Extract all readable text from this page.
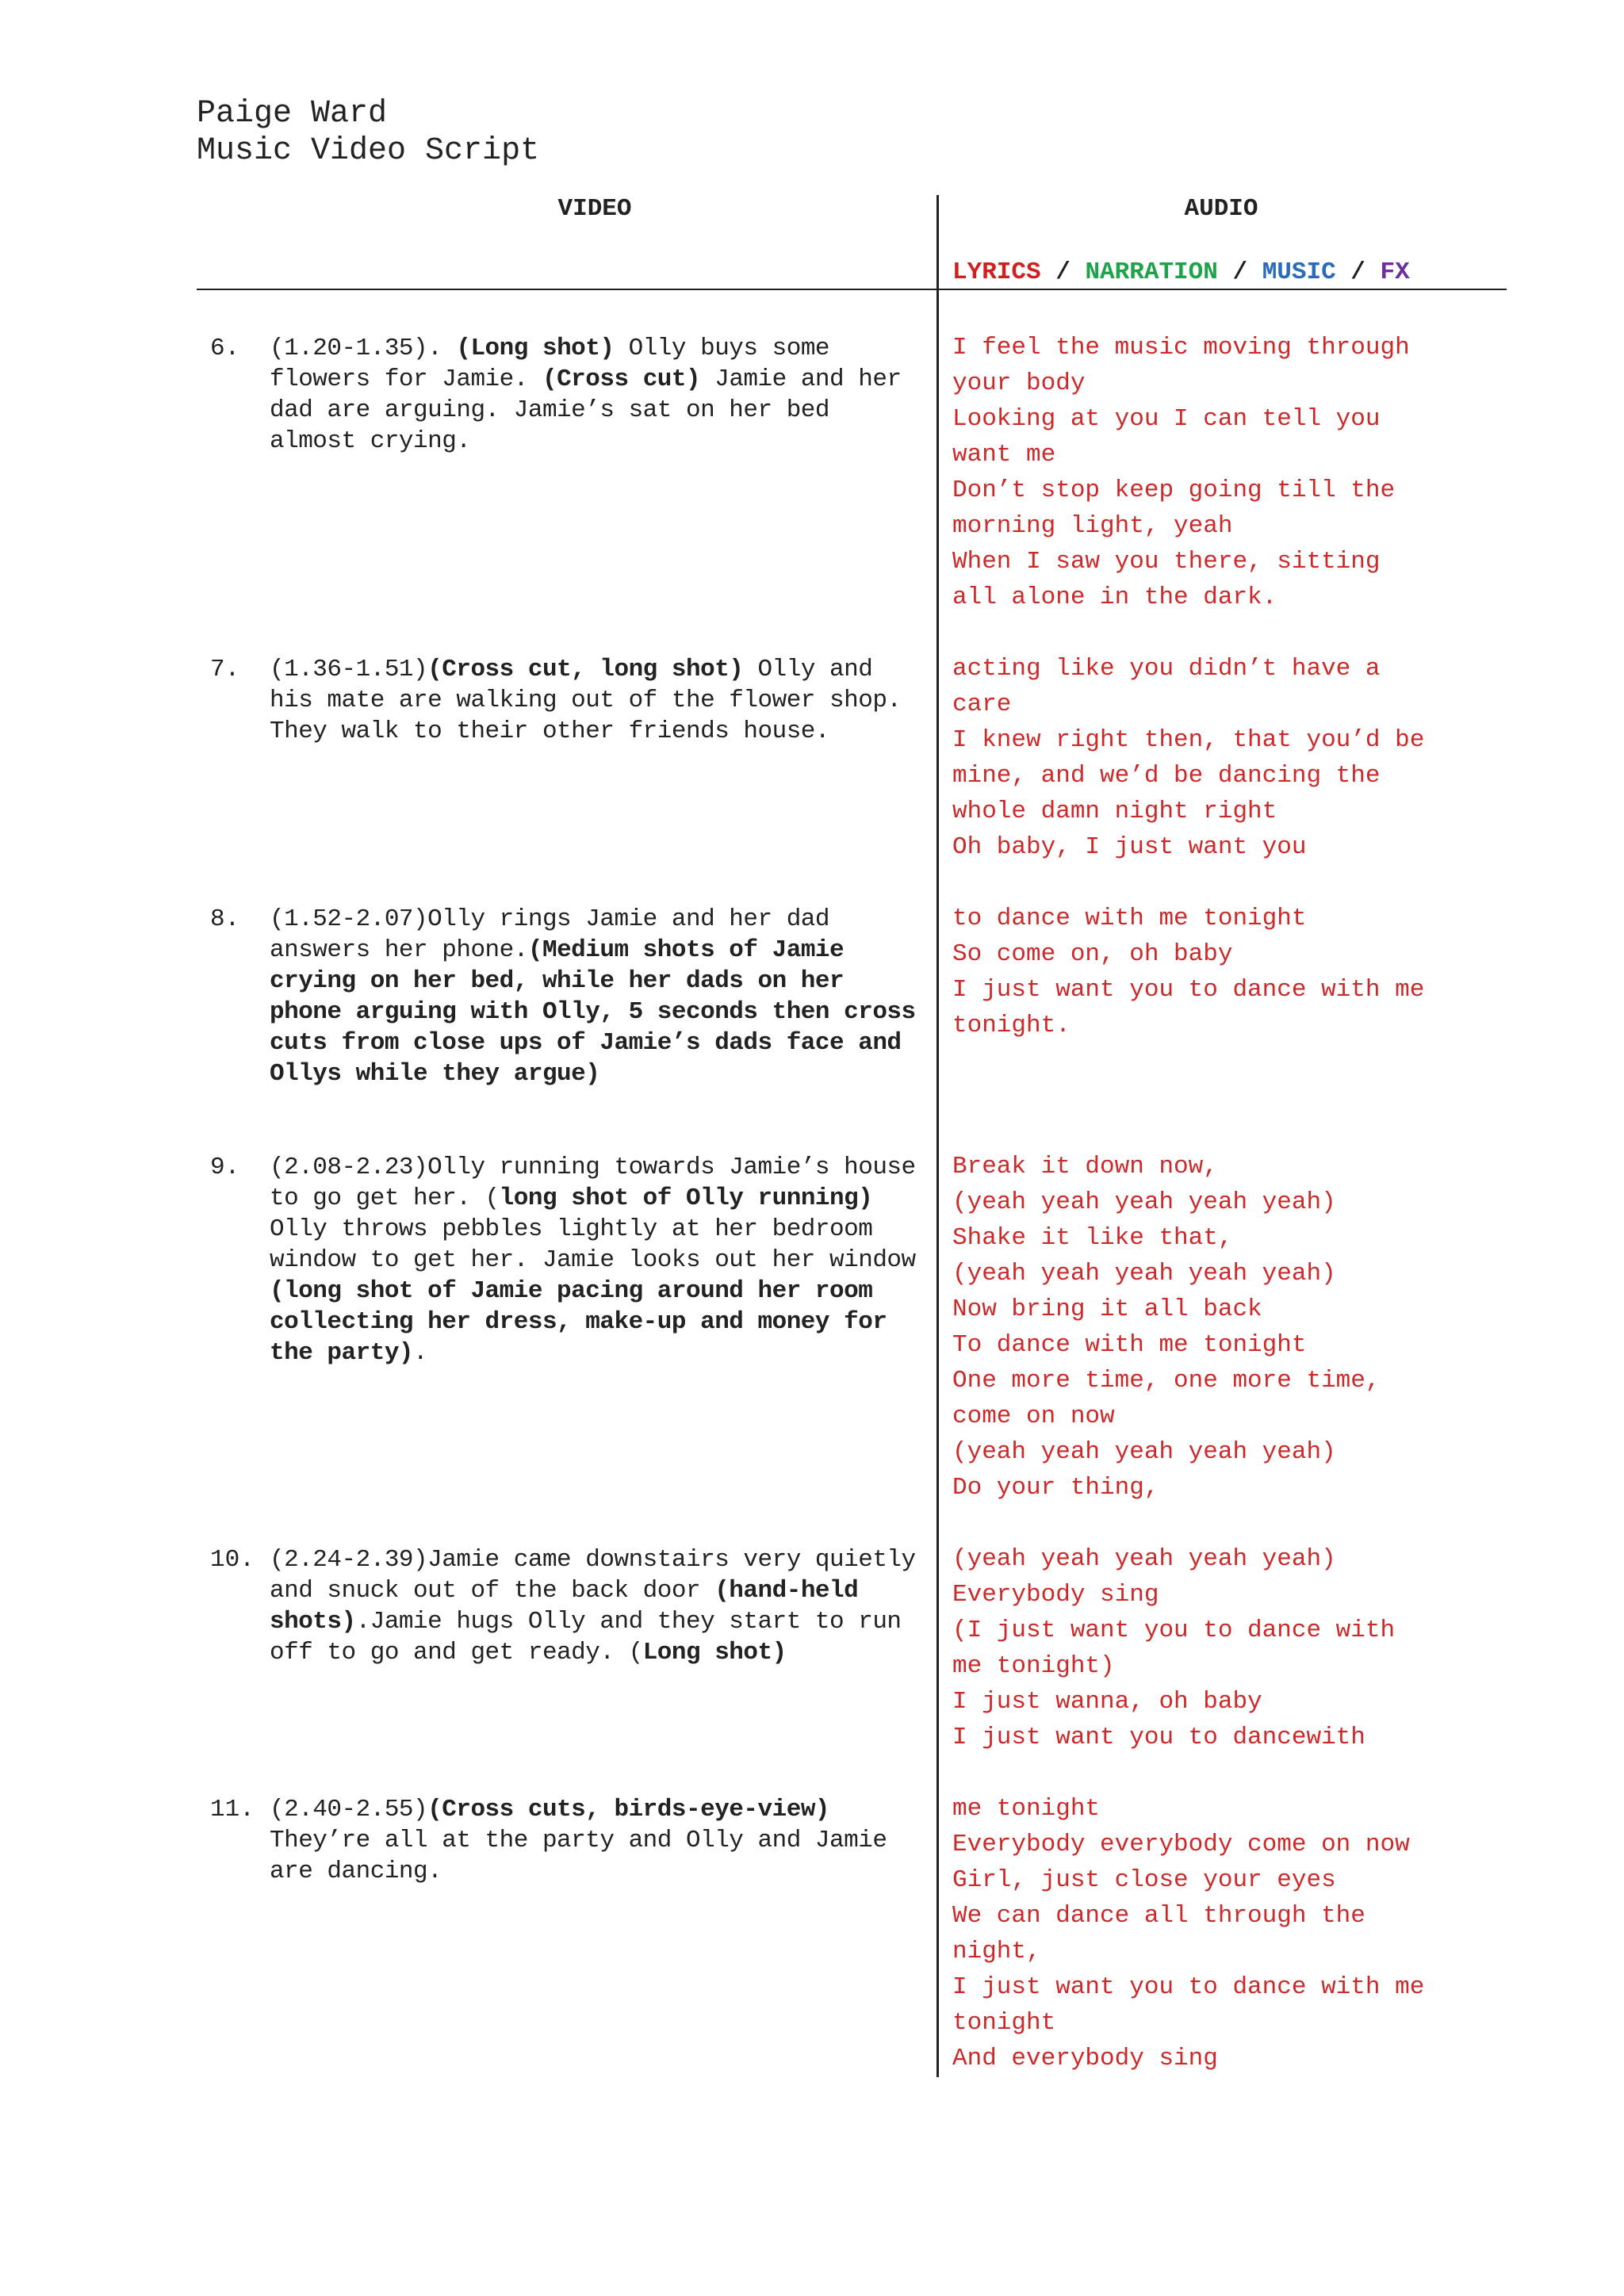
Paige Ward
Music Video Script
VIDEO	AUDIO
LYRICS / NARRATION / MUSIC / FX
6. (1.20-1.35). (Long shot) Olly buys some flowers for Jamie. (Cross cut) Jamie and her dad are arguing. Jamie’s sat on her bed almost crying.
I feel the music moving through
your body
Looking at you I can tell you
want me
Don’t stop keep going till the
morning light, yeah
When I saw you there, sitting
all alone in the dark.
7. (1.36-1.51)(Cross cut, long shot) Olly and his mate are walking out of the flower shop. They walk to their other friends house.
acting like you didn’t have a
care
I knew right then, that you’d be
mine, and we’d be dancing the
whole damn night right
Oh baby, I just want you
8. (1.52-2.07)Olly rings Jamie and her dad answers her phone.(Medium shots of Jamie crying on her bed, while her dads on her phone arguing with Olly, 5 seconds then cross cuts from close ups of Jamie’s dads face and Ollys while they argue)
to dance with me tonight
So come on, oh baby
I just want you to dance with me
tonight.
9. (2.08-2.23)Olly running towards Jamie’s house to go get her. (long shot of Olly running) Olly throws pebbles lightly at her bedroom window to get her. Jamie looks out her window (long shot of Jamie pacing around her room collecting her dress, make-up and money for the party).
Break it down now,
(yeah yeah yeah yeah yeah)
Shake it like that,
(yeah yeah yeah yeah yeah)
Now bring it all back
To dance with me tonight
One more time, one more time,
come on now
(yeah yeah yeah yeah yeah)
Do your thing,
10. (2.24-2.39)Jamie came downstairs very quietly and snuck out of the back door (hand-held shots).Jamie hugs Olly and they start to run off to go and get ready. (Long shot)
(yeah yeah yeah yeah yeah)
Everybody sing
(I just want you to dance with
me tonight)
I just wanna, oh baby
I just want you to dancewith
11. (2.40-2.55)(Cross cuts, birds-eye-view) They’re all at the party and Olly and Jamie are dancing.
me tonight
Everybody everybody come on now
Girl, just close your eyes
We can dance all through the
night,
I just want you to dance with me
tonight
And everybody sing
